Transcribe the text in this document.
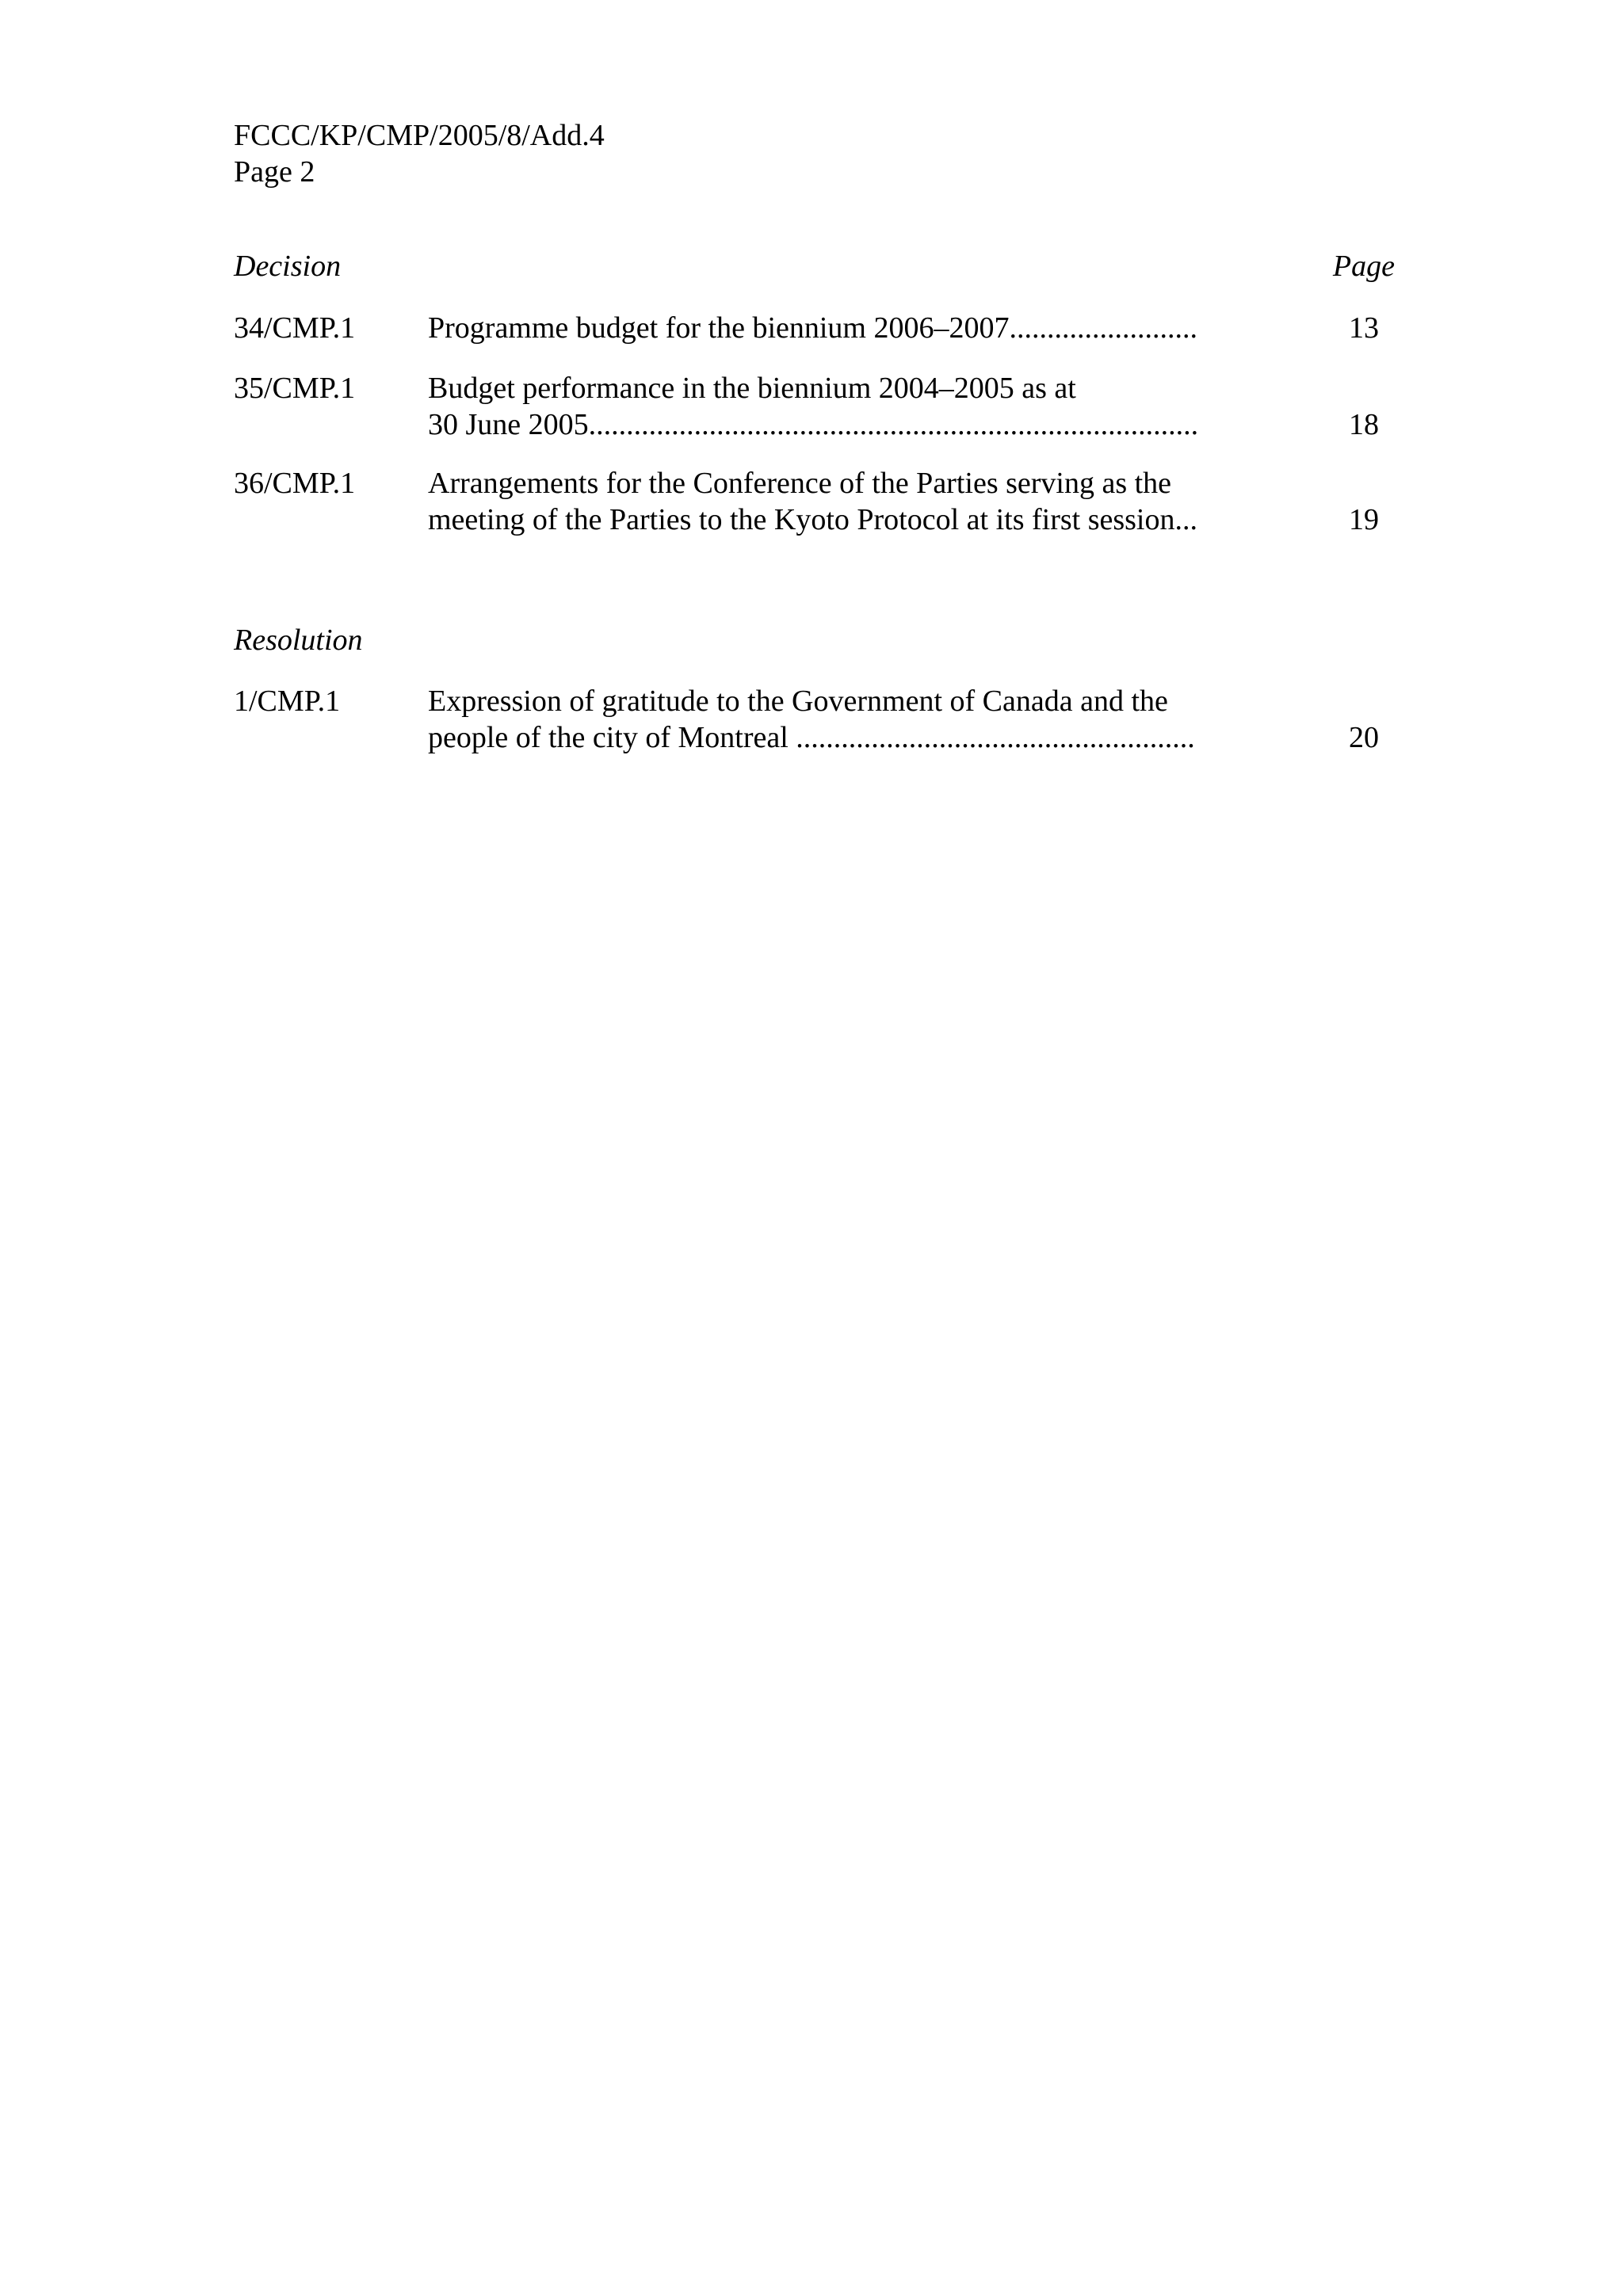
FCCC/KP/CMP/2005/8/Add.4
Page 2
Decision	Page
34/CMP.1 Programme budget for the biennium 2006–2007.........................	13
35/CMP.1 Budget performance in the biennium 2004–2005 as at
30 June 2005.................................................................................	18
36/CMP.1 Arrangements for the Conference of the Parties serving as the
meeting of the Parties to the Kyoto Protocol at its first session...	19
Resolution
1/CMP.1	Expression of gratitude to the Government of Canada and the
people of the city of Montreal .....................................................	20
